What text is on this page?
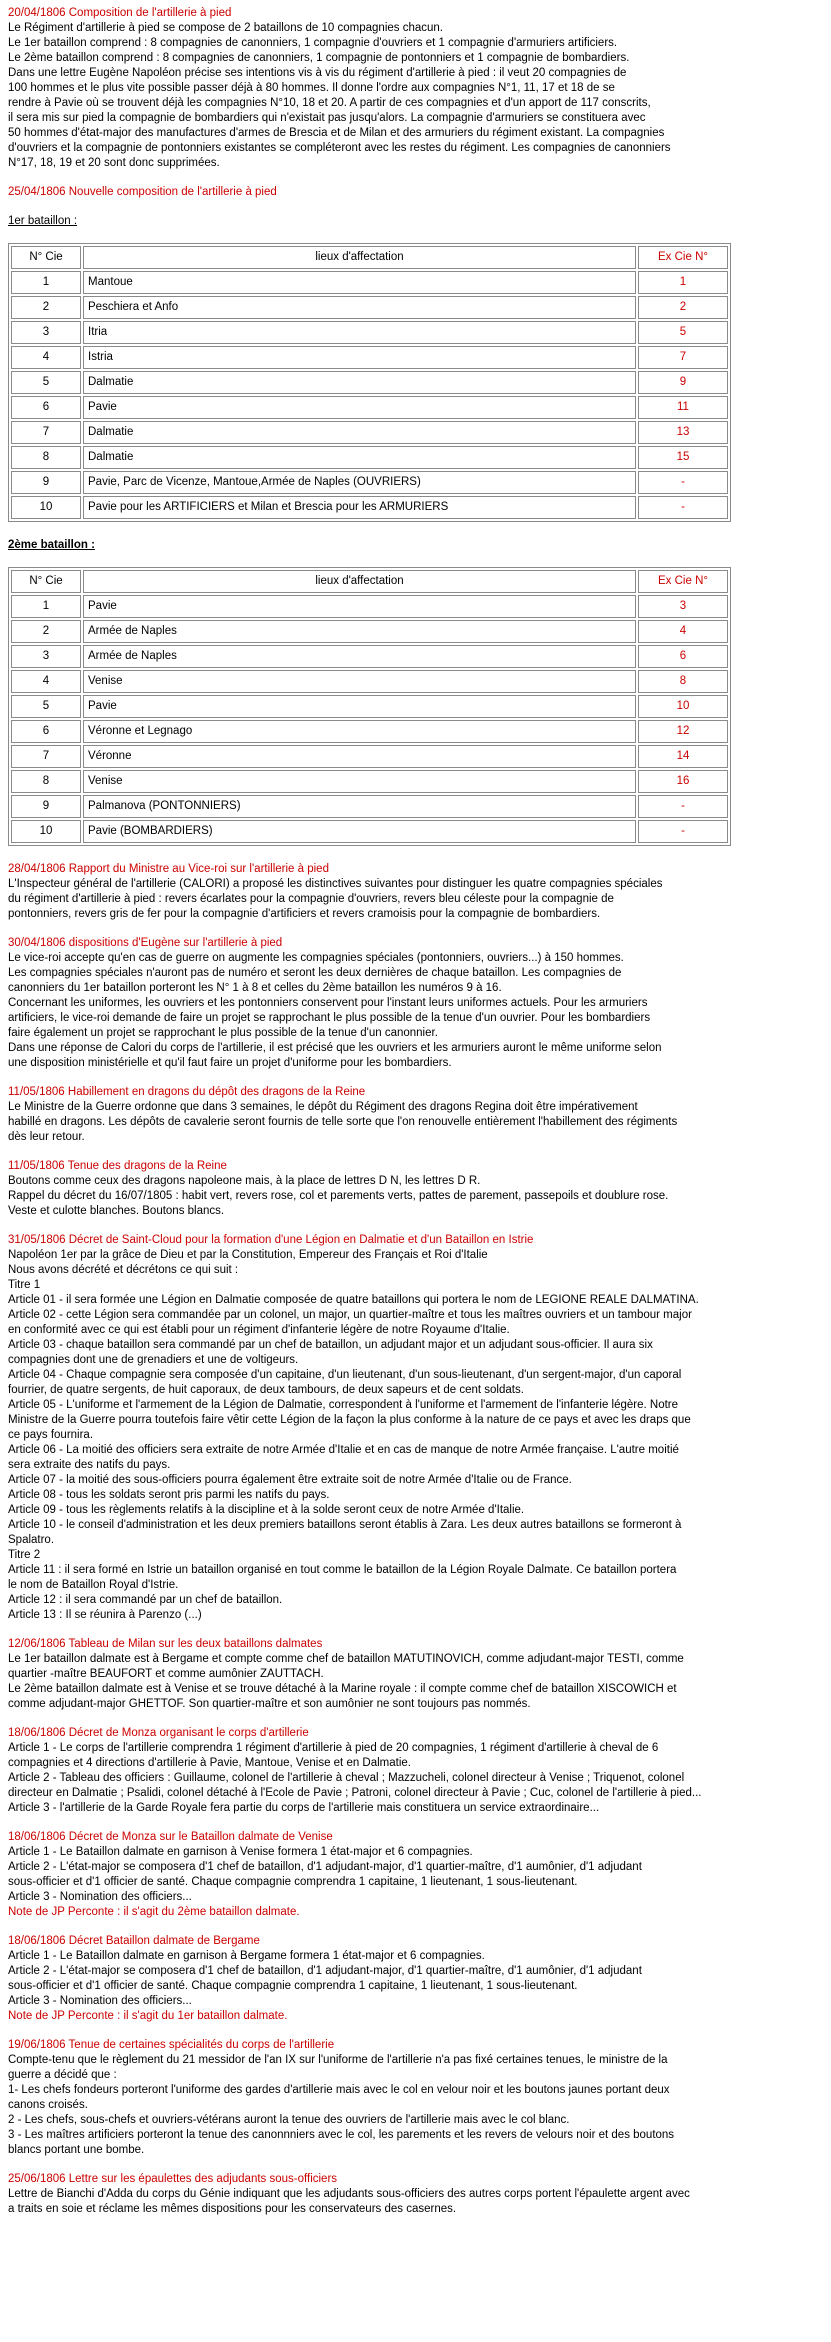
20/04/1806 Composition de l'artillerie à pied
Le Régiment d'artillerie à pied se compose de 2 bataillons de 10 compagnies chacun.
Le 1er bataillon comprend : 8 compagnies de canonniers, 1 compagnie d'ouvriers et 1 compagnie d'armuriers artificiers.
Le 2ème bataillon comprend : 8 compagnies de canonniers, 1 compagnie de pontonniers et 1 compagnie de bombardiers.
Dans une lettre Eugène Napoléon précise ses intentions vis à vis du régiment d'artillerie à pied : il veut 20 compagnies de
100 hommes et le plus vite possible passer déjà à 80 hommes. Il donne l'ordre aux compagnies N°1, 11, 17 et 18 de se
rendre à Pavie où se trouvent déjà les compagnies N°10, 18 et 20. A partir de ces compagnies et d'un apport de 117 conscrits,
il sera mis sur pied la compagnie de bombardiers qui n'existait pas jusqu'alors. La compagnie d'armuriers se constituera avec
50 hommes d'état-major des manufactures d'armes de Brescia et de Milan et des armuriers du régiment existant. La compagnies
d'ouvriers et la compagnie de pontonniers existantes se compléteront avec les restes du régiment. Les compagnies de canonniers
N°17, 18, 19 et 20 sont donc supprimées.
25/04/1806 Nouvelle composition de l'artillerie à pied
1er bataillon :
N° Cie	lieux d'affectation	Ex Cie N°
1	Mantoue	1
2	Peschiera et Anfo	2
3	Itria	5
4	Istria	7
5	Dalmatie	9
6	Pavie	11
7	Dalmatie	13
8	Dalmatie	15
9	Pavie, Parc de Vicenze, Mantoue,Armée de Naples (OUVRIERS)	-
10	Pavie pour les ARTIFICIERS et Milan et Brescia pour les ARMURIERS	-
2ème bataillon :
N° Cie	lieux d'affectation	Ex Cie N°
1	Pavie	3
2	Armée de Naples	4
3	Armée de Naples	6
4	Venise	8
5	Pavie	10
6	Véronne et Legnago	12
7	Véronne	14
8	Venise	16
9	Palmanova (PONTONNIERS)	-
10	Pavie (BOMBARDIERS)	-
28/04/1806 Rapport du Ministre au Vice-roi sur l'artillerie à pied
L'Inspecteur général de l'artillerie (CALORI) a proposé les distinctives suivantes pour distinguer les quatre compagnies spéciales
du régiment d'artillerie à pied : revers écarlates pour la compagnie d'ouvriers, revers bleu céleste pour la compagnie de
pontonniers, revers gris de fer pour la compagnie d'artificiers et revers cramoisis pour la compagnie de bombardiers.
30/04/1806 dispositions d'Eugène sur l'artillerie à pied
Le vice-roi accepte qu'en cas de guerre on augmente les compagnies spéciales (pontonniers, ouvriers...) à 150 hommes.
Les compagnies spéciales n'auront pas de numéro et seront les deux dernières de chaque bataillon. Les compagnies de
canonniers du 1er bataillon porteront les N° 1 à 8 et celles du 2ème bataillon les numéros 9 à 16.
Concernant les uniformes, les ouvriers et les pontonniers conservent pour l'instant leurs uniformes actuels. Pour les armuriers
artificiers, le vice-roi demande de faire un projet se rapprochant le plus possible de la tenue d'un ouvrier. Pour les bombardiers
faire également un projet se rapprochant le plus possible de la tenue d'un canonnier.
Dans une réponse de Calori du corps de l'artillerie, il est précisé que les ouvriers et les armuriers auront le même uniforme selon
une disposition ministérielle et qu'il faut faire un projet d'uniforme pour les bombardiers.
11/05/1806 Habillement en dragons du dépôt des dragons de la Reine
Le Ministre de la Guerre ordonne que dans 3 semaines, le dépôt du Régiment des dragons Regina doit être impérativement
habillé en dragons. Les dépôts de cavalerie seront fournis de telle sorte que l'on renouvelle entièrement l'habillement des régiments
dès leur retour.
11/05/1806 Tenue des dragons de la Reine
Boutons comme ceux des dragons napoleone mais, à la place de lettres D N, les lettres D R.
Rappel du décret du 16/07/1805 : habit vert, revers rose, col et parements verts, pattes de parement, passepoils et doublure rose.
Veste et culotte blanches. Boutons blancs.
31/05/1806 Décret de Saint-Cloud pour la formation d'une Légion en Dalmatie et d'un Bataillon en Istrie
Napoléon 1er par la grâce de Dieu et par la Constitution, Empereur des Français et Roi d'Italie
Nous avons décrété et décrétons ce qui suit :
Titre 1
Article 01 - il sera formée une Légion en Dalmatie composée de quatre bataillons qui portera le nom de LEGIONE REALE DALMATINA.
Article 02 - cette Légion sera commandée par un colonel, un major, un quartier-maître et tous les maîtres ouvriers et un tambour major
en conformité avec ce qui est établi pour un régiment d'infanterie légère de notre Royaume d'Italie.
Article 03 - chaque bataillon sera commandé par un chef de bataillon, un adjudant major et un adjudant sous-officier. Il aura six
compagnies dont une de grenadiers et une de voltigeurs.
Article 04 - Chaque compagnie sera composée d'un capitaine, d'un lieutenant, d'un sous-lieutenant, d'un sergent-major, d'un caporal
fourrier, de quatre sergents, de huit caporaux, de deux tambours, de deux sapeurs et de cent soldats.
Article 05 - L'uniforme et l'armement de la Légion de Dalmatie, correspondent à l'uniforme et l'armement de l'infanterie légère. Notre
Ministre de la Guerre pourra toutefois faire vêtir cette Légion de la façon la plus conforme à la nature de ce pays et avec les draps que
ce pays fournira.
Article 06 - La moitié des officiers sera extraite de notre Armée d'Italie et en cas de manque de notre Armée française. L'autre moitié
sera extraite des natifs du pays.
Article 07 - la moitié des sous-officiers pourra également être extraite soit de notre Armée d'Italie ou de France.
Article 08 - tous les soldats seront pris parmi les natifs du pays.
Article 09 - tous les règlements relatifs à la discipline et à la solde seront ceux de notre Armée d'Italie.
Article 10 - le conseil d'administration et les deux premiers bataillons seront établis à Zara. Les deux autres bataillons se formeront à
Spalatro.
Titre 2
Article 11 : il sera formé en Istrie un bataillon organisé en tout comme le bataillon de la Légion Royale Dalmate. Ce bataillon portera
le nom de Bataillon Royal d'Istrie.
Article 12 : il sera commandé par un chef de bataillon.
Article 13 : Il se réunira à Parenzo (...)
12/06/1806 Tableau de Milan sur les deux bataillons dalmates
Le 1er bataillon dalmate est à Bergame et compte comme chef de bataillon MATUTINOVICH, comme adjudant-major TESTI, comme
quartier -maître BEAUFORT et comme aumônier ZAUTTACH.
Le 2ème bataillon dalmate est à Venise et se trouve détaché à la Marine royale : il compte comme chef de bataillon XISCOWICH et
comme adjudant-major GHETTOF. Son quartier-maître et son aumônier ne sont toujours pas nommés.
18/06/1806 Décret de Monza organisant le corps d'artillerie
Article 1 - Le corps de l'artillerie comprendra 1 régiment d'artillerie à pied de 20 compagnies, 1 régiment d'artillerie à cheval de 6
compagnies et 4 directions d'artillerie à Pavie, Mantoue, Venise et en Dalmatie.
Article 2 - Tableau des officiers : Guillaume, colonel de l'artillerie à cheval ; Mazzucheli, colonel directeur à Venise ; Triquenot, colonel
directeur en Dalmatie ; Psalidi, colonel détaché à l'Ecole de Pavie ; Patroni, colonel directeur à Pavie ; Cuc, colonel de l'artillerie à pied...
Article 3 - l'artillerie de la Garde Royale fera partie du corps de l'artillerie mais constituera un service extraordinaire...
18/06/1806 Décret de Monza sur le Bataillon dalmate de Venise
Article 1 - Le Bataillon dalmate en garnison à Venise formera 1 état-major et 6 compagnies.
Article 2 - L'état-major se composera d'1 chef de bataillon, d'1 adjudant-major, d'1 quartier-maître, d'1 aumônier, d'1 adjudant
sous-officier et d'1 officier de santé. Chaque compagnie comprendra 1 capitaine, 1 lieutenant, 1 sous-lieutenant.
Article 3 - Nomination des officiers...
Note de JP Perconte : il s'agit du 2ème bataillon dalmate.
18/06/1806 Décret Bataillon dalmate de Bergame
Article 1 - Le Bataillon dalmate en garnison à Bergame formera 1 état-major et 6 compagnies.
Article 2 - L'état-major se composera d'1 chef de bataillon, d'1 adjudant-major, d'1 quartier-maître, d'1 aumônier, d'1 adjudant
sous-officier et d'1 officier de santé. Chaque compagnie comprendra 1 capitaine, 1 lieutenant, 1 sous-lieutenant.
Article 3 - Nomination des officiers...
Note de JP Perconte : il s'agit du 1er bataillon dalmate.
19/06/1806 Tenue de certaines spécialités du corps de l'artillerie
Compte-tenu que le règlement du 21 messidor de l'an IX sur l'uniforme de l'artillerie n'a pas fixé certaines tenues, le ministre de la
guerre a décidé que :
1- Les chefs fondeurs porteront l'uniforme des gardes d'artillerie mais avec le col en velour noir et les boutons jaunes portant deux
canons croisés.
2 - Les chefs, sous-chefs et ouvriers-vétérans auront la tenue des ouvriers de l'artillerie mais avec le col blanc.
3 - Les maîtres artificiers porteront la tenue des canonnniers avec le col, les parements et les revers de velours noir et des boutons
blancs portant une bombe.
25/06/1806 Lettre sur les épaulettes des adjudants sous-officiers
Lettre de Bianchi d'Adda du corps du Génie indiquant que les adjudants sous-officiers des autres corps portent l'épaulette argent avec
a traits en soie et réclame les mêmes dispositions pour les conservateurs des casernes.
